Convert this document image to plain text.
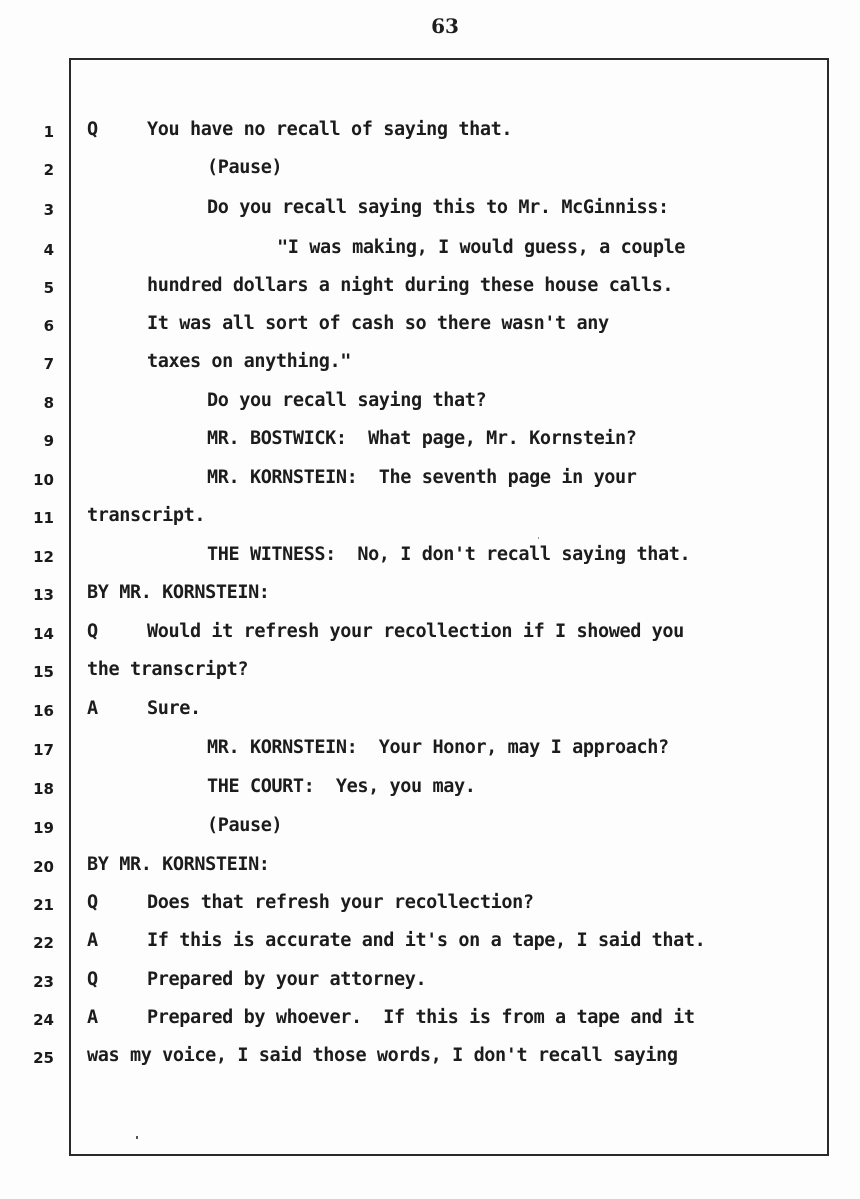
63
1 Q	You have no recall of saying that.
2	(Pause)
3	Do you recall saying this to Mr. McGinniss:
4	"I was making, I would guess, a couple
5	hundred dollars a night during these house calls.
6	It was all sort of cash so there wasn't any
7	taxes on anything."
8	Do you recall saying that?
9	MR. BOSTWICK:  What page, Mr. Kornstein?
10	MR. KORNSTEIN:  The seventh page in your
11 transcript.
12	THE WITNESS:  No, I don't recall saying that.
13 BY MR. KORNSTEIN:
14 Q	Would it refresh your recollection if I showed you
15 the transcript?
16 A	Sure.
17	MR. KORNSTEIN:  Your Honor, may I approach?
18	THE COURT:  Yes, you may.
19	(Pause)
20 BY MR. KORNSTEIN:
21 Q	Does that refresh your recollection?
22 A	If this is accurate and it's on a tape, I said that.
23 Q	Prepared by your attorney.
24 A	Prepared by whoever.  If this is from a tape and it
25 was my voice, I said those words, I don't recall saying
